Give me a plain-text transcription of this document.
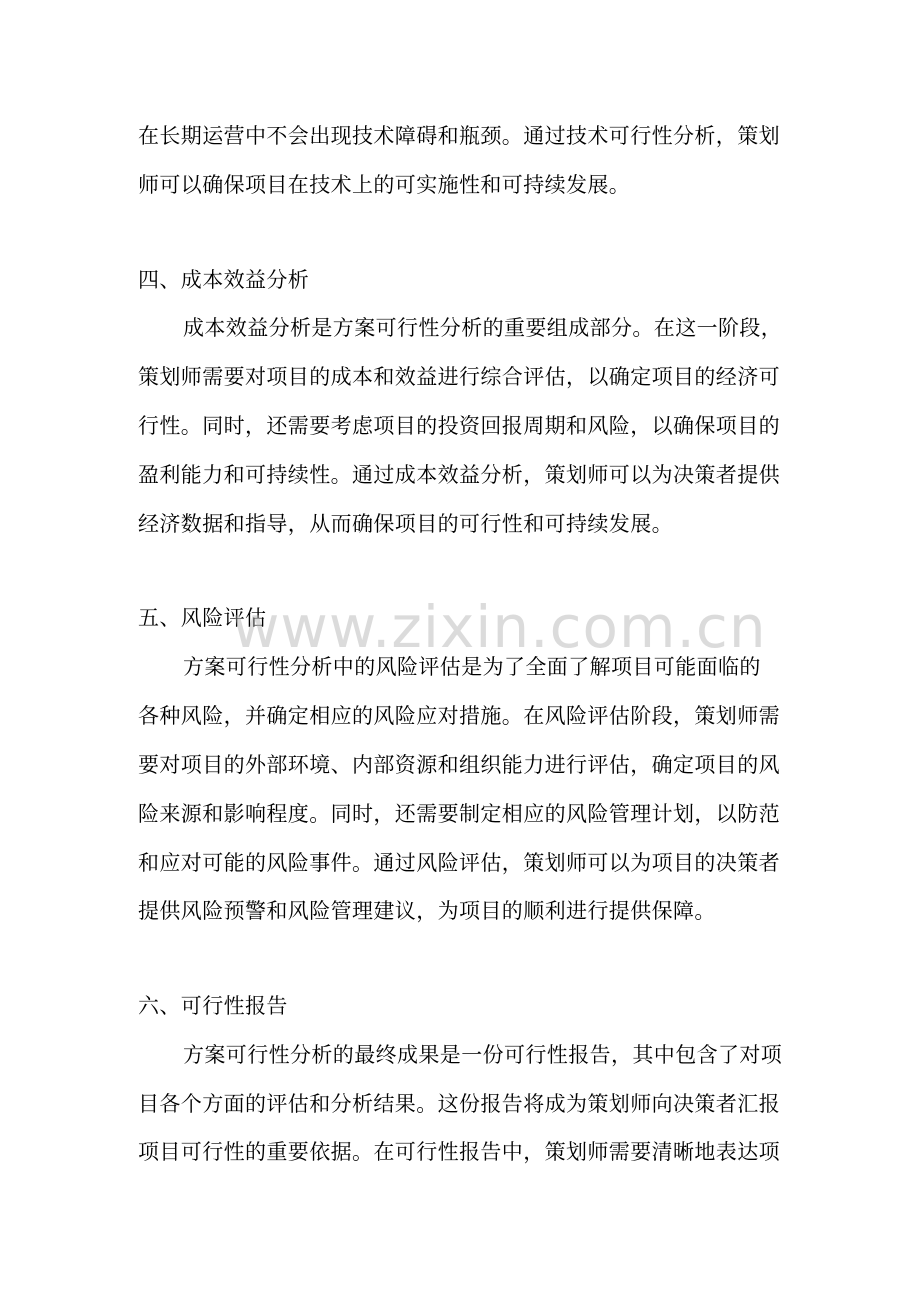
在长期运营中不会出现技术障碍和瓶颈。通过技术可行性分析，策划
师可以确保项目在技术上的可实施性和可持续发展。
四、成本效益分析
成本效益分析是方案可行性分析的重要组成部分。在这一阶段，
策划师需要对项目的成本和效益进行综合评估，以确定项目的经济可
行性。同时，还需要考虑项目的投资回报周期和风险，以确保项目的
盈利能力和可持续性。通过成本效益分析，策划师可以为决策者提供
经济数据和指导，从而确保项目的可行性和可持续发展。
五、风险评估
方案可行性分析中的风险评估是为了全面了解项目可能面临的
各种风险，并确定相应的风险应对措施。在风险评估阶段，策划师需
要对项目的外部环境、内部资源和组织能力进行评估，确定项目的风
险来源和影响程度。同时，还需要制定相应的风险管理计划，以防范
和应对可能的风险事件。通过风险评估，策划师可以为项目的决策者
提供风险预警和风险管理建议，为项目的顺利进行提供保障。
六、可行性报告
方案可行性分析的最终成果是一份可行性报告，其中包含了对项
目各个方面的评估和分析结果。这份报告将成为策划师向决策者汇报
项目可行性的重要依据。在可行性报告中，策划师需要清晰地表达项
www.zixin.com.cn
